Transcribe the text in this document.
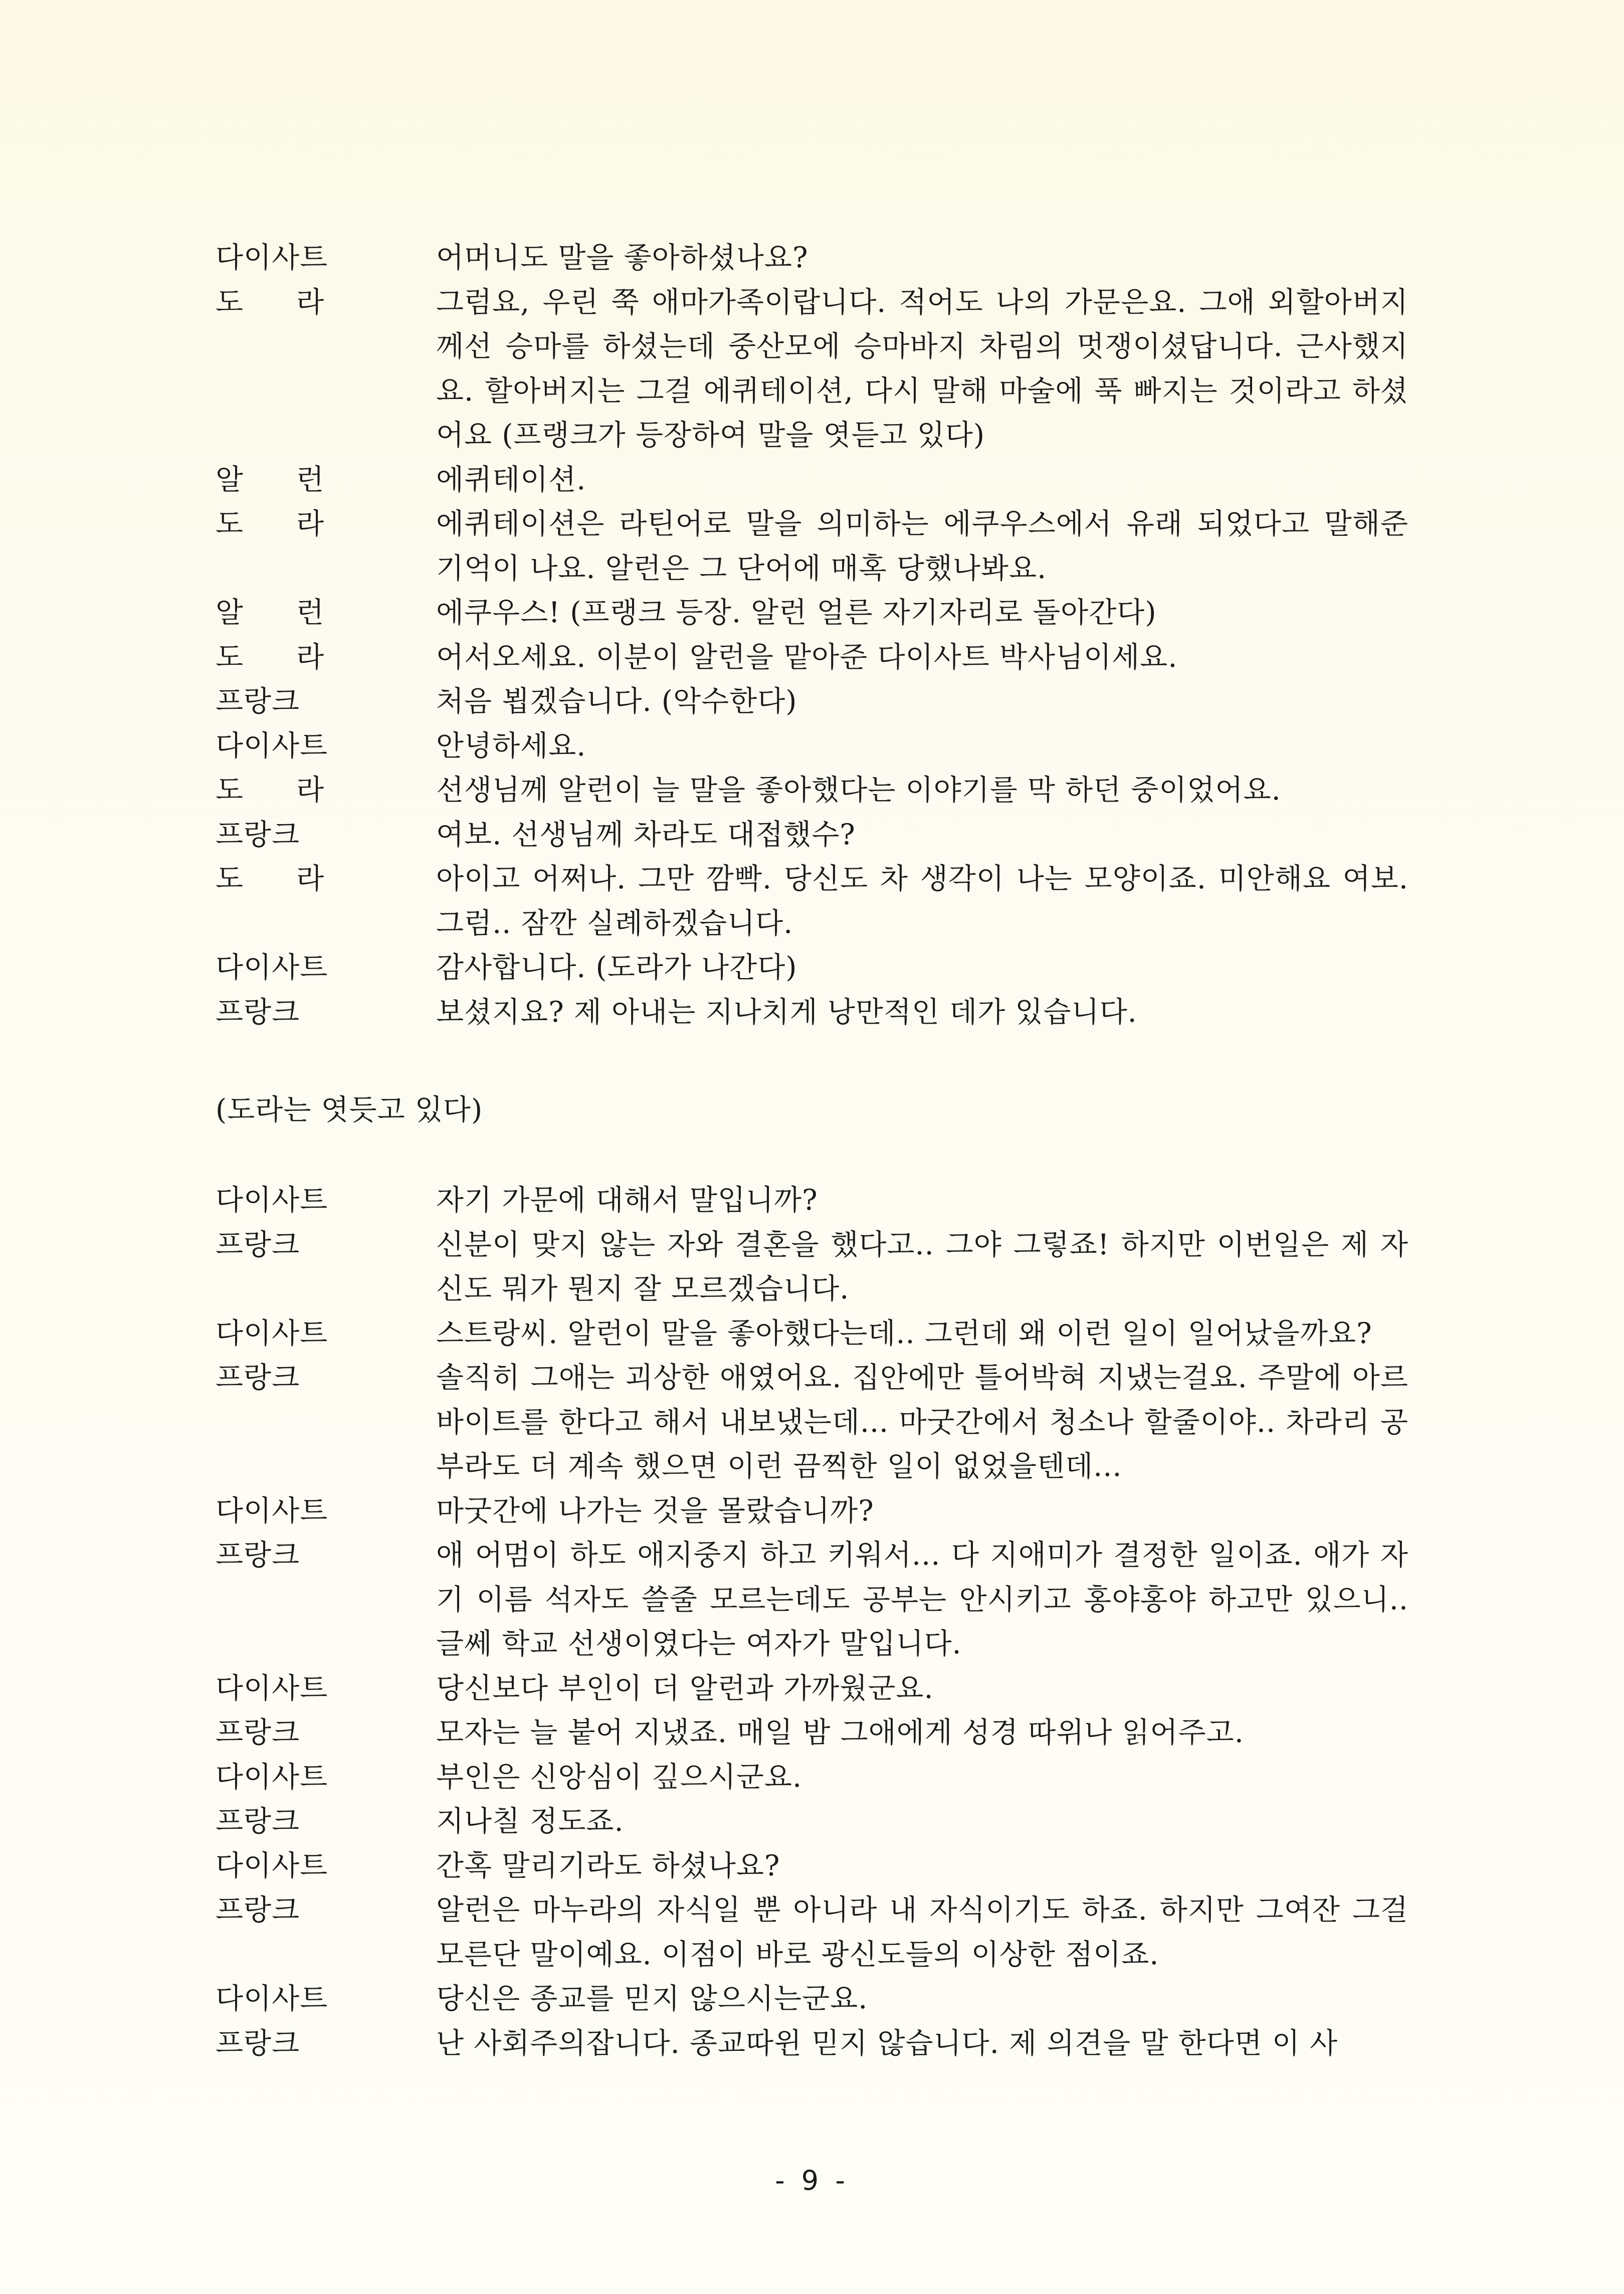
다이사트	어머니도 말을 좋아하셨나요?
도 라	그럼요, 우린 쭉 애마가족이랍니다. 적어도 나의 가문은요. 그애 외할아버지께선 승마를 하셨는데 중산모에 승마바지 차림의 멋쟁이셨답니다. 근사했지요. 할아버지는 그걸 에퀴테이션, 다시 말해 마술에 푹 빠지는 것이라고 하셨어요 (프랭크가 등장하여 말을 엿듣고 있다)
알 런	에퀴테이션.
도 라	에퀴테이션은 라틴어로 말을 의미하는 에쿠우스에서 유래 되었다고 말해준 기억이 나요. 알런은 그 단어에 매혹 당했나봐요.
알 런	에쿠우스! (프랭크 등장. 알런 얼른 자기자리로 돌아간다)
도 라	어서오세요. 이분이 알런을 맡아준 다이사트 박사님이세요.
프랑크	처음 뵙겠습니다. (악수한다)
다이사트	안녕하세요.
도 라	선생님께 알런이 늘 말을 좋아했다는 이야기를 막 하던 중이었어요.
프랑크	여보. 선생님께 차라도 대접했수?
도 라	아이고 어쩌나. 그만 깜빡. 당신도 차 생각이 나는 모양이죠. 미안해요 여보. 그럼.. 잠깐 실례하겠습니다.
다이사트	감사합니다. (도라가 나간다)
프랑크	보셨지요? 제 아내는 지나치게 낭만적인 데가 있습니다.
(도라는 엿듯고 있다)
다이사트	자기 가문에 대해서 말입니까?
프랑크	신분이 맞지 않는 자와 결혼을 했다고.. 그야 그렇죠! 하지만 이번일은 제 자신도 뭐가 뭔지 잘 모르겠습니다.
다이사트	스트랑씨. 알런이 말을 좋아했다는데.. 그런데 왜 이런 일이 일어났을까요?
프랑크	솔직히 그애는 괴상한 애였어요. 집안에만 틀어박혀 지냈는걸요. 주말에 아르바이트를 한다고 해서 내보냈는데... 마굿간에서 청소나 할줄이야.. 차라리 공부라도 더 계속 했으면 이런 끔찍한 일이 없었을텐데...
다이사트	마굿간에 나가는 것을 몰랐습니까?
프랑크	애 어멈이 하도 애지중지 하고 키워서... 다 지애미가 결정한 일이죠. 애가 자기 이름 석자도 쓸줄 모르는데도 공부는 안시키고 홍야홍야 하고만 있으니.. 글쎄 학교 선생이였다는 여자가 말입니다.
다이사트	당신보다 부인이 더 알런과 가까웠군요.
프랑크	모자는 늘 붙어 지냈죠. 매일 밤 그애에게 성경 따위나 읽어주고.
다이사트	부인은 신앙심이 깊으시군요.
프랑크	지나칠 정도죠.
다이사트	간혹 말리기라도 하셨나요?
프랑크	알런은 마누라의 자식일 뿐 아니라 내 자식이기도 하죠. 하지만 그여잔 그걸 모른단 말이예요. 이점이 바로 광신도들의 이상한 점이죠.
다이사트	당신은 종교를 믿지 않으시는군요.
프랑크	난 사회주의잡니다. 종교따윈 믿지 않습니다. 제 의견을 말 한다면 이 사
- 9 -
